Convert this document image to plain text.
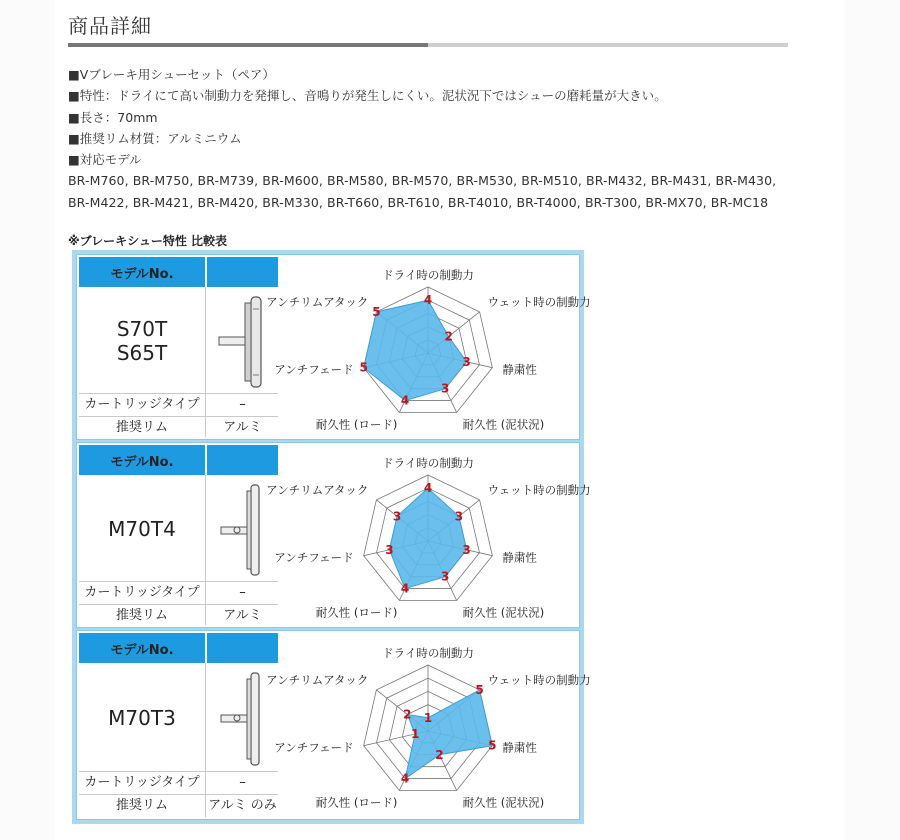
商品詳細
■Vブレーキ用シューセット（ペア）
■特性：ドライにて高い制動力を発揮し、音鳴りが発生しにくい。泥状況下ではシューの磨耗量が大きい。
■長さ：70mm
■推奨リム材質：アルミニウム
■対応モデル
BR-M760, BR-M750, BR-M739, BR-M600, BR-M580, BR-M570, BR-M530, BR-M510, BR-M432, BR-M431, BR-M430, BR-M422, BR-M421, BR-M420, BR-M330, BR-T660, BR-T610, BR-T4010, BR-T4000, BR-T300, BR-MX70, BR-MC18
※ブレーキシュー特性 比較表
モデルNo.
S70T
S65T
カートリッジタイプ	–
推奨リム	アルミ
4
2
3
3
4
5
5
ドライ時の制動力
ウェット時の制動力
静粛性
耐久性 (泥状況)
耐久性 (ロード)
アンチフェード
アンチリムアタック
モデルNo.
M70T4
カートリッジタイプ	–
推奨リム	アルミ
4
3
3
3
4
3
3
ドライ時の制動力
ウェット時の制動力
静粛性
耐久性 (泥状況)
耐久性 (ロード)
アンチフェード
アンチリムアタック
モデルNo.
M70T3
カートリッジタイプ	–
推奨リム	アルミ のみ
1
5
5
2
4
1
2
ドライ時の制動力
ウェット時の制動力
静粛性
耐久性 (泥状況)
耐久性 (ロード)
アンチフェード
アンチリムアタック
